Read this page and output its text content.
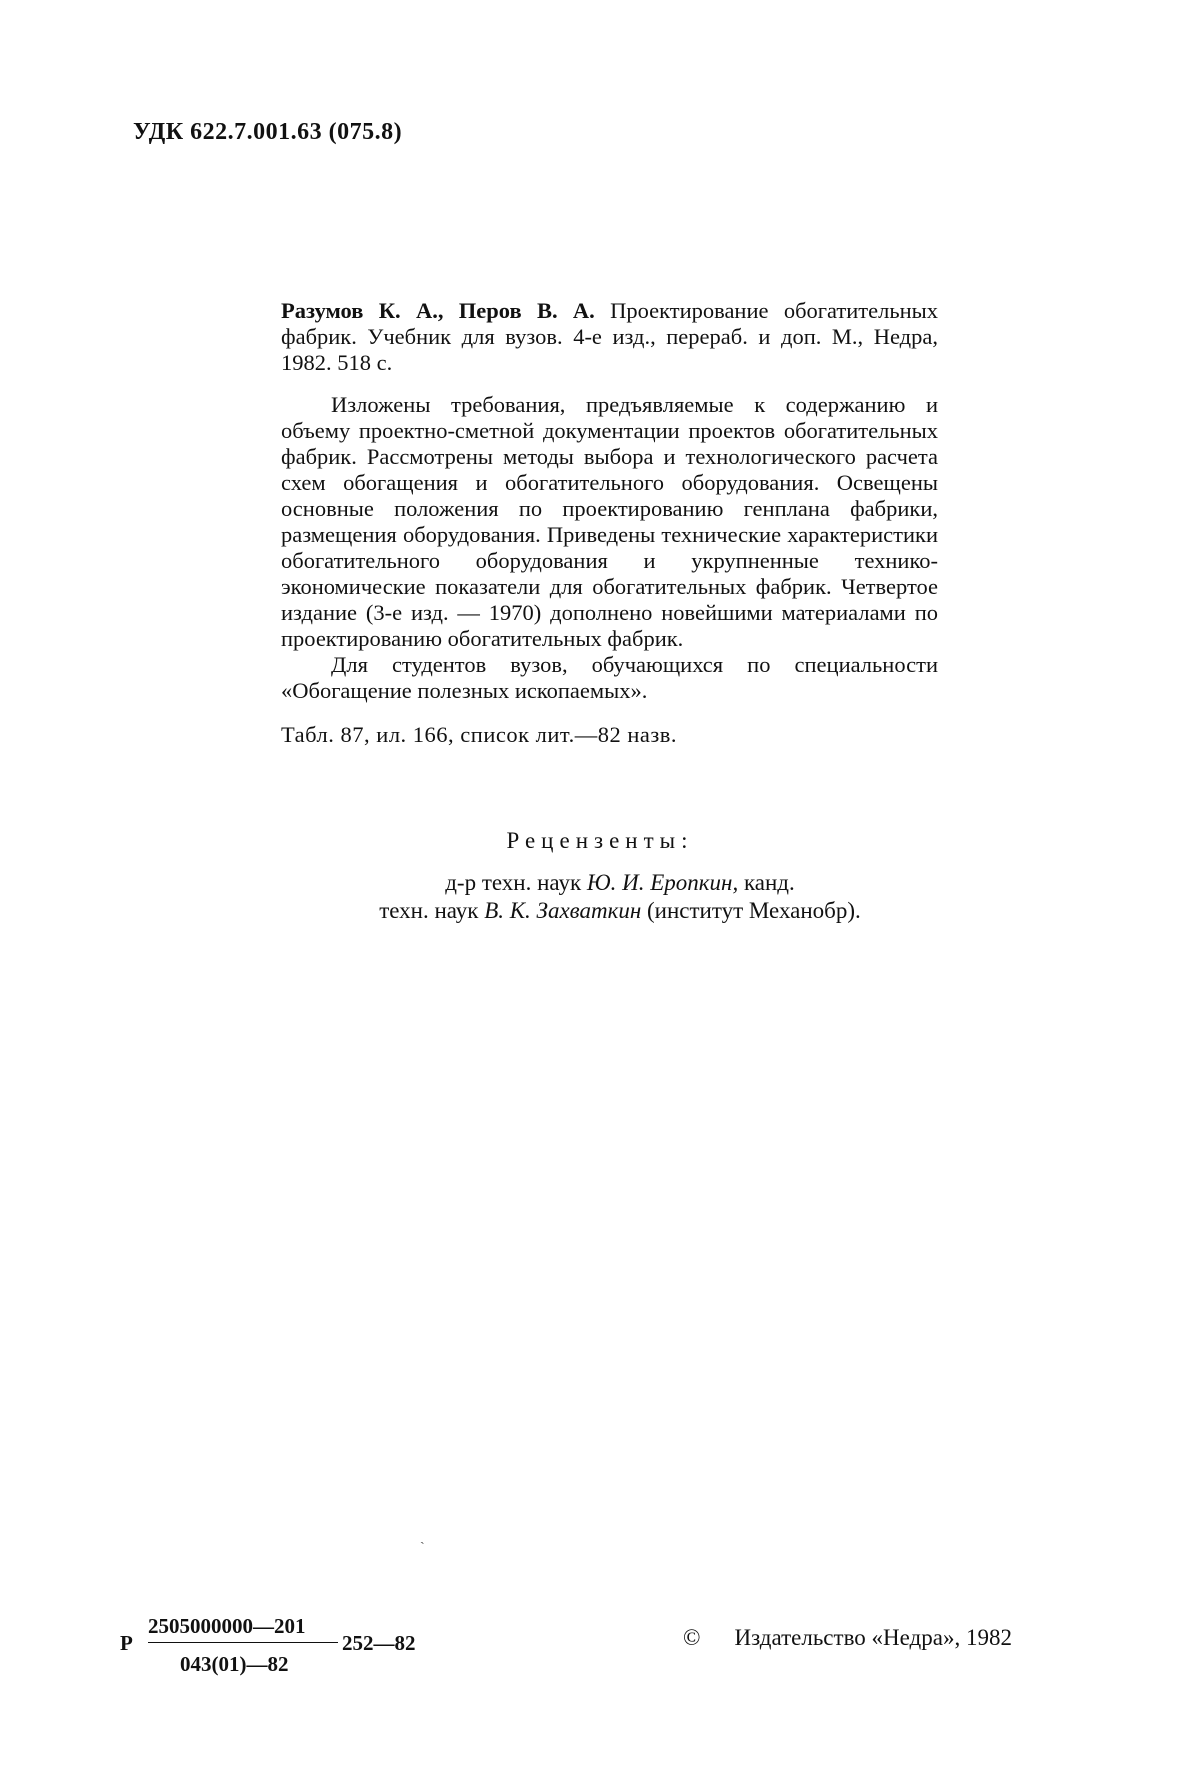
УДК 622.7.001.63 (075.8)

Разумов К. А., Перов В. А. Проектирование обогатительных фабрик. Учебник для вузов. 4-е изд., перераб. и доп. М., Недра, 1982. 518 с.

Изложены требования, предъявляемые к содержанию и объему проектно-сметной документации проектов обогатительных фабрик. Рассмотрены методы выбора и технологического расчета схем обогащения и обогатительного оборудования. Освещены основные положения по проектированию генплана фабрики, размещения оборудования. Приведены технические характеристики обогатительного оборудования и укрупненные технико-экономические показатели для обогатительных фабрик. Четвертое издание (3-е изд. — 1970) дополнено новейшими материалами по проектированию обогатительных фабрик.

Для студентов вузов, обучающихся по специальности «Обогащение полезных ископаемых».

Табл. 87, ил. 166, список лит.—82 назв.

Рецензенты:
д-р техн. наук Ю. И. Еропкин, канд.
техн. наук В. К. Захваткин (институт Механобр).
ˏ
Р
2505000000—201
043(01)—82
252—82	© Издательство «Недра», 1982
